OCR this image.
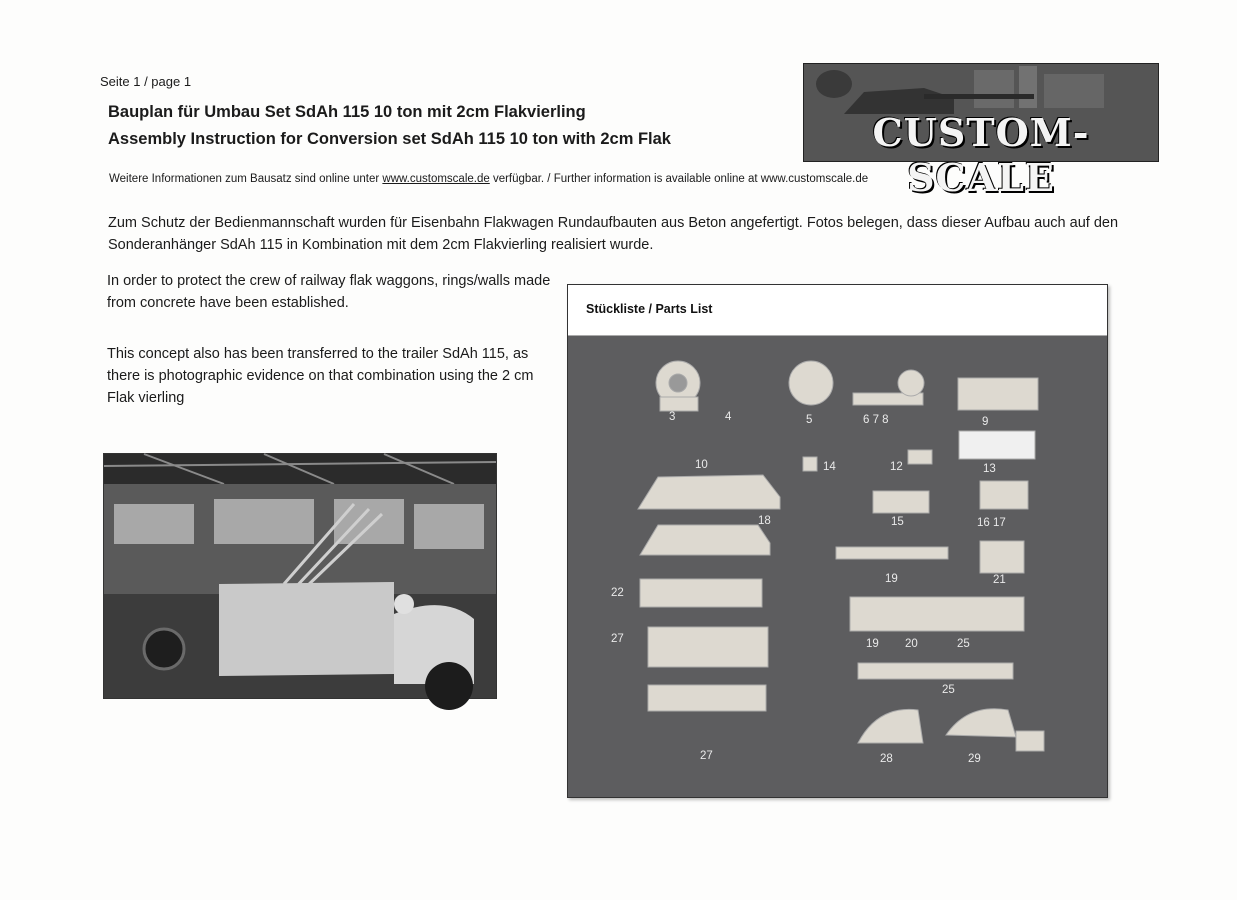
Seite 1 / page 1
Bauplan für Umbau Set SdAh 115 10 ton mit 2cm Flakvierling
Assembly Instruction for Conversion set SdAh 115 10 ton with 2cm Flak
Weitere Informationen zum Bausatz sind online unter www.customscale.de verfügbar. / Further information is available online at www.customscale.de
Zum Schutz der Bedienmannschaft wurden für Eisenbahn Flakwagen Rundaufbauten aus Beton angefertigt. Fotos belegen, dass dieser Aufbau auch auf den Sonderanhänger SdAh 115 in Kombination mit dem 2cm Flakvierling realisiert wurde.
In order to protect the crew of railway flak waggons, rings/walls made from concrete have been established.
This concept also has been transferred to the trailer SdAh 115, as there is photographic evidence on that combination using the 2 cm Flak vierling
CUSTOM-SCALE
Stückliste / Parts List
3	4	5	6 7 8	9
10	14	12	13
18	15	16 17
19	21
22
27	19 20	25
25
27	28	29
